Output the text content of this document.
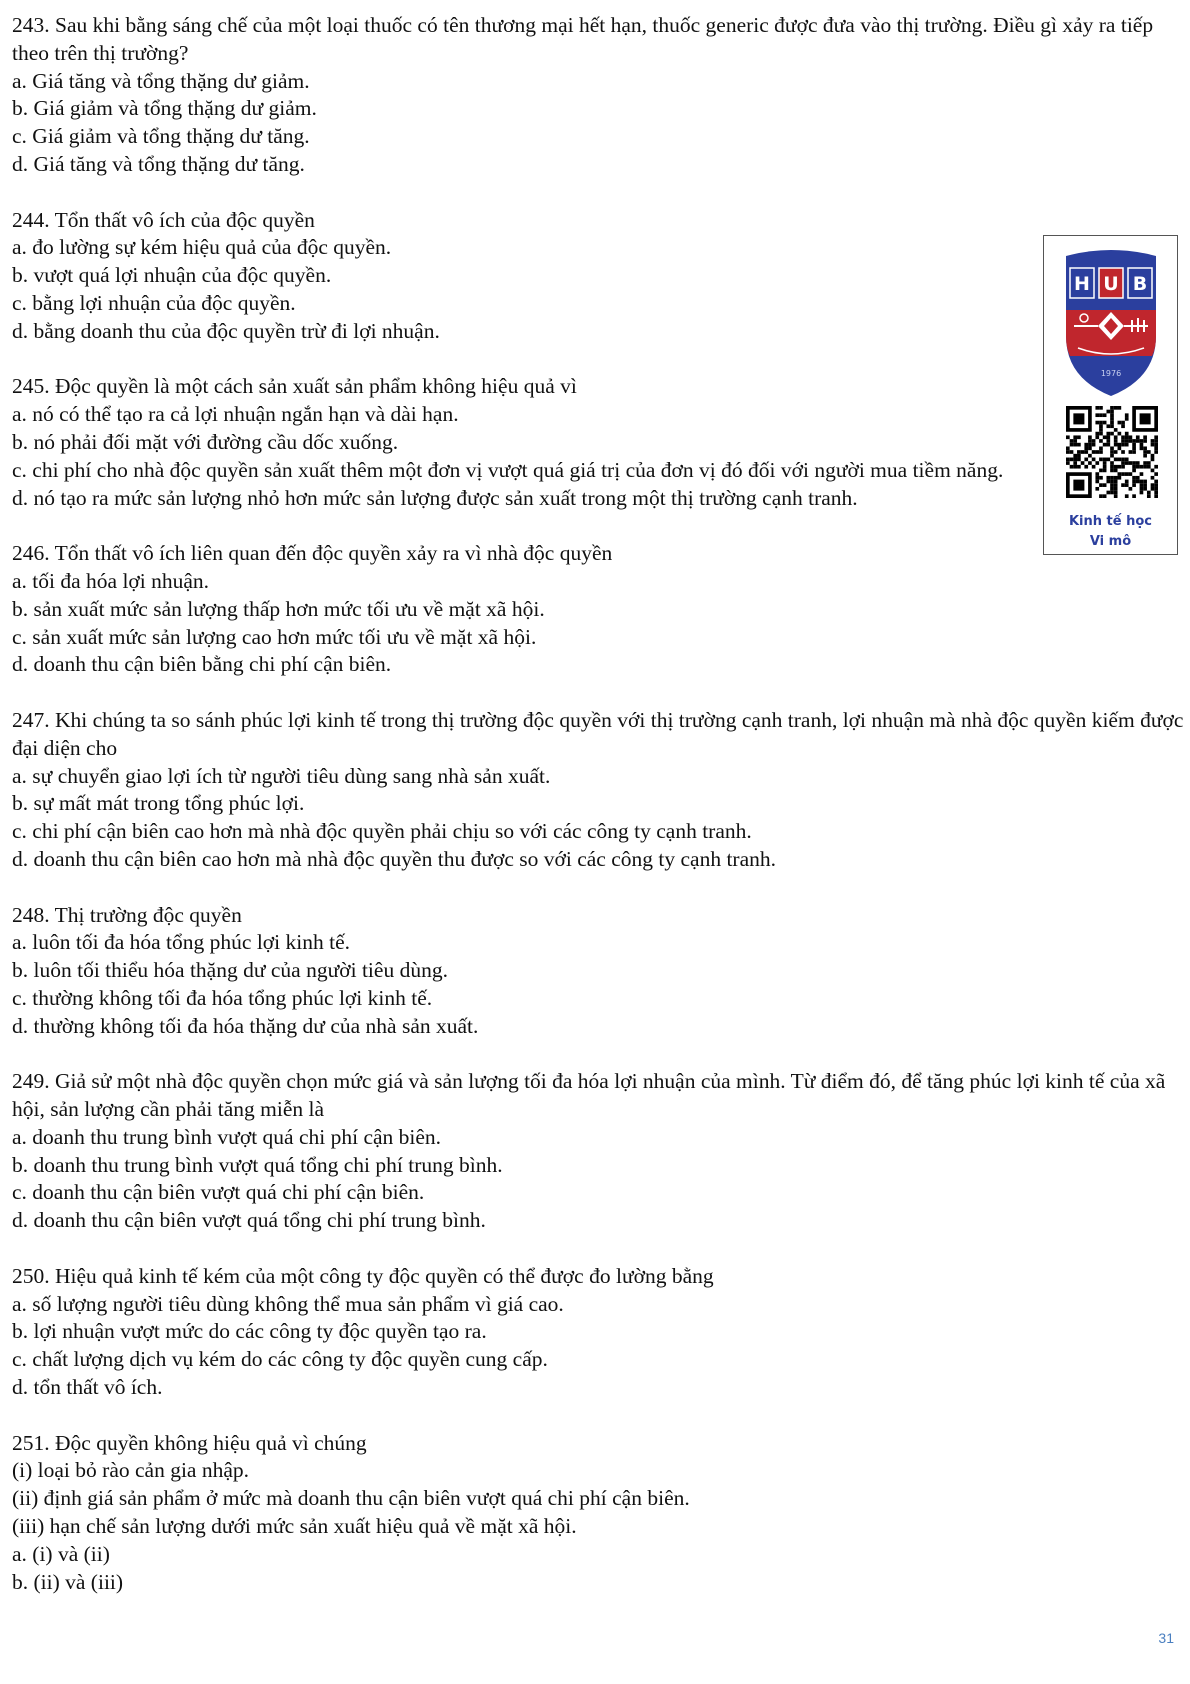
243. Sau khi bằng sáng chế của một loại thuốc có tên thương mại hết hạn, thuốc generic được đưa vào thị trường. Điều gì xảy ra tiếp theo trên thị trường?

a. Giá tăng và tổng thặng dư giảm.

b. Giá giảm và tổng thặng dư giảm.

c. Giá giảm và tổng thặng dư tăng.

d. Giá tăng và tổng thặng dư tăng.

244. Tổn thất vô ích của độc quyền

a. đo lường sự kém hiệu quả của độc quyền.

b. vượt quá lợi nhuận của độc quyền.

c. bằng lợi nhuận của độc quyền.

d. bằng doanh thu của độc quyền trừ đi lợi nhuận.

245. Độc quyền là một cách sản xuất sản phẩm không hiệu quả vì

a. nó có thể tạo ra cả lợi nhuận ngắn hạn và dài hạn.

b. nó phải đối mặt với đường cầu dốc xuống.

c. chi phí cho nhà độc quyền sản xuất thêm một đơn vị vượt quá giá trị của đơn vị đó đối với người mua tiềm năng.

d. nó tạo ra mức sản lượng nhỏ hơn mức sản lượng được sản xuất trong một thị trường cạnh tranh.

246. Tổn thất vô ích liên quan đến độc quyền xảy ra vì nhà độc quyền

a. tối đa hóa lợi nhuận.

b. sản xuất mức sản lượng thấp hơn mức tối ưu về mặt xã hội.

c. sản xuất mức sản lượng cao hơn mức tối ưu về mặt xã hội.

d. doanh thu cận biên bằng chi phí cận biên.

247. Khi chúng ta so sánh phúc lợi kinh tế trong thị trường độc quyền với thị trường cạnh tranh, lợi nhuận mà nhà độc quyền kiếm được đại diện cho

a. sự chuyển giao lợi ích từ người tiêu dùng sang nhà sản xuất.

b. sự mất mát trong tổng phúc lợi.

c. chi phí cận biên cao hơn mà nhà độc quyền phải chịu so với các công ty cạnh tranh.

d. doanh thu cận biên cao hơn mà nhà độc quyền thu được so với các công ty cạnh tranh.

248. Thị trường độc quyền

a. luôn tối đa hóa tổng phúc lợi kinh tế.

b. luôn tối thiểu hóa thặng dư của người tiêu dùng.

c. thường không tối đa hóa tổng phúc lợi kinh tế.

d. thường không tối đa hóa thặng dư của nhà sản xuất.

249. Giả sử một nhà độc quyền chọn mức giá và sản lượng tối đa hóa lợi nhuận của mình. Từ điểm đó, để tăng phúc lợi kinh tế của xã hội, sản lượng cần phải tăng miễn là

a. doanh thu trung bình vượt quá chi phí cận biên.

b. doanh thu trung bình vượt quá tổng chi phí trung bình.

c. doanh thu cận biên vượt quá chi phí cận biên.

d. doanh thu cận biên vượt quá tổng chi phí trung bình.

250. Hiệu quả kinh tế kém của một công ty độc quyền có thể được đo lường bằng

a. số lượng người tiêu dùng không thể mua sản phẩm vì giá cao.

b. lợi nhuận vượt mức do các công ty độc quyền tạo ra.

c. chất lượng dịch vụ kém do các công ty độc quyền cung cấp.

d. tổn thất vô ích.

251. Độc quyền không hiệu quả vì chúng

(i) loại bỏ rào cản gia nhập.

(ii) định giá sản phẩm ở mức mà doanh thu cận biên vượt quá chi phí cận biên.

(iii) hạn chế sản lượng dưới mức sản xuất hiệu quả về mặt xã hội.

a. (i) và (ii)

b. (ii) và (iii)

H U B
1976
Kinh tế học
Vi mô
31
